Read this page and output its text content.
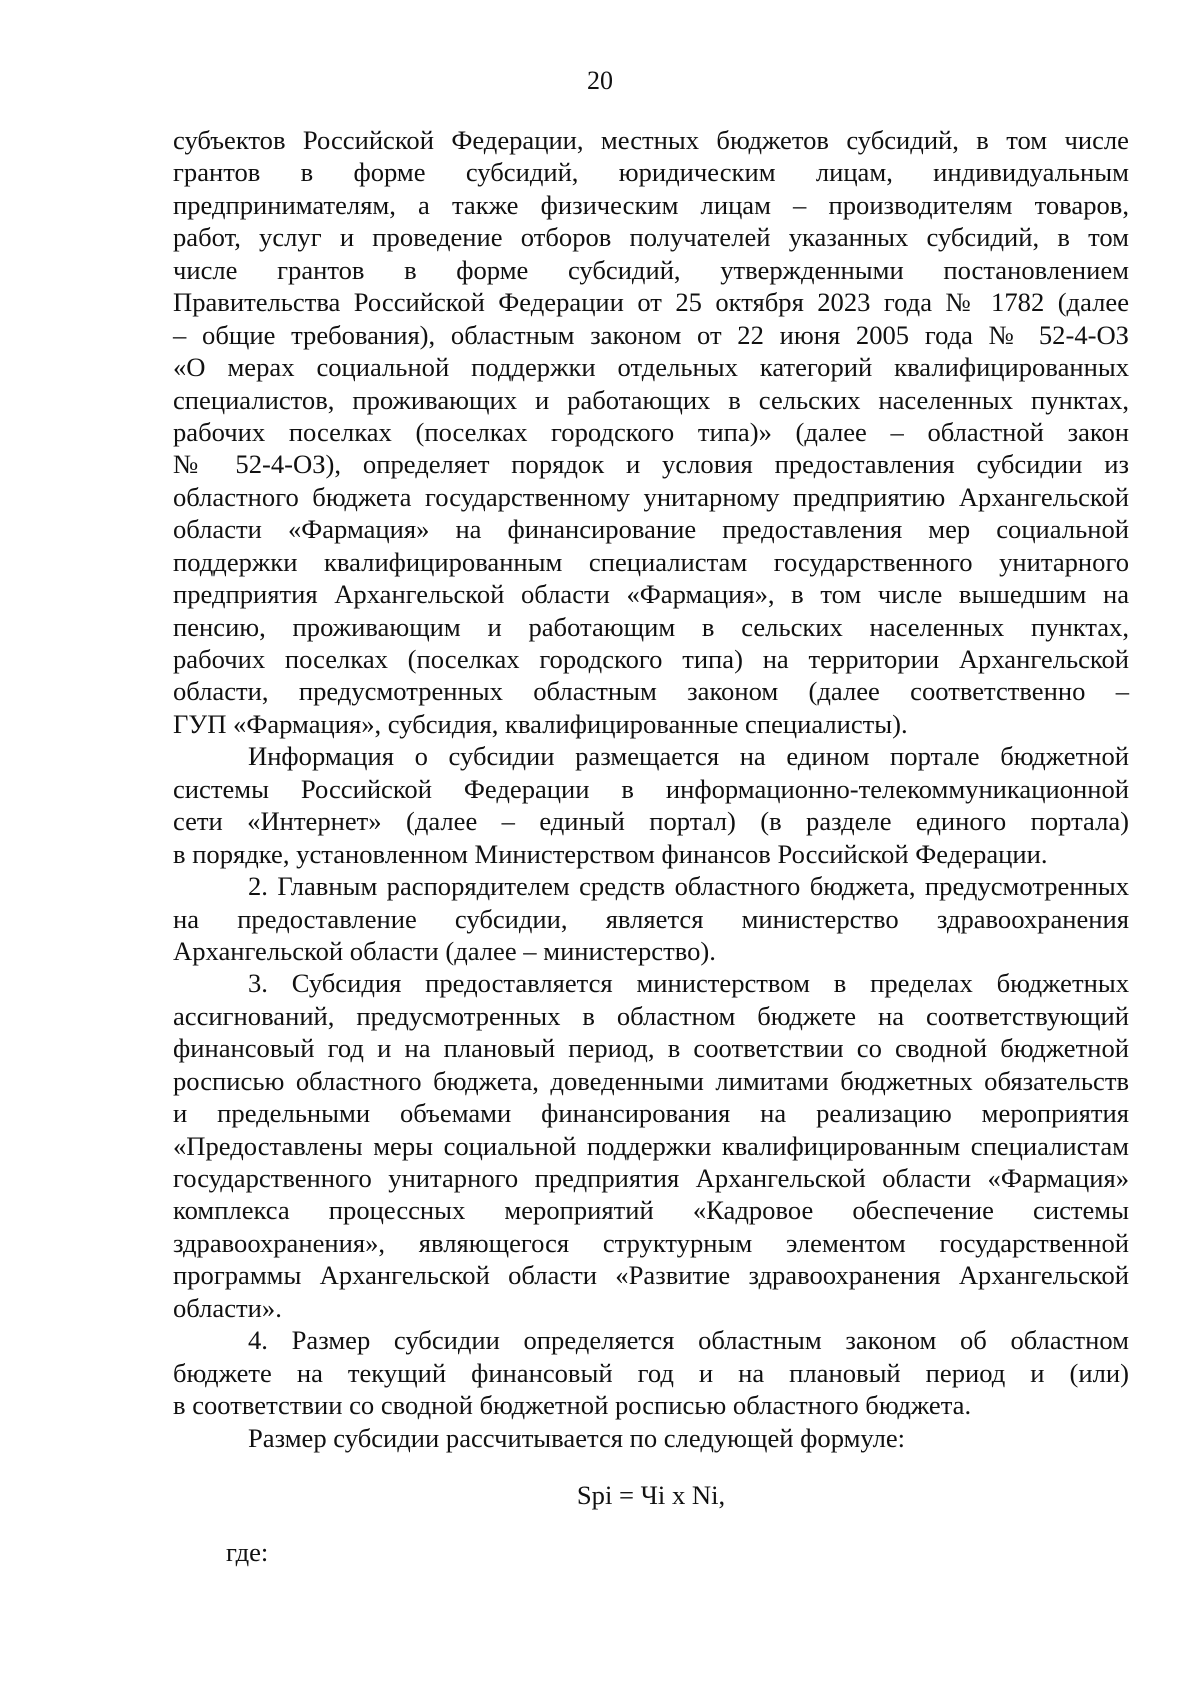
20
субъектов Российской Федерации, местных бюджетов субсидий, в том числе
грантов в форме субсидий, юридическим лицам, индивидуальным
предпринимателям, а также физическим лицам – производителям товаров,
работ, услуг и проведение отборов получателей указанных субсидий, в том
числе грантов в форме субсидий, утвержденными постановлением
Правительства Российской Федерации от 25 октября 2023 года № 1782 (далее
– общие требования), областным законом от 22 июня 2005 года № 52-4-ОЗ
«О мерах социальной поддержки отдельных категорий квалифицированных
специалистов, проживающих и работающих в сельских населенных пунктах,
рабочих поселках (поселках городского типа)» (далее – областной закон
№ 52-4-ОЗ), определяет порядок и условия предоставления субсидии из
областного бюджета государственному унитарному предприятию Архангельской
области «Фармация» на финансирование предоставления мер социальной
поддержки квалифицированным специалистам государственного унитарного
предприятия Архангельской области «Фармация», в том числе вышедшим на
пенсию, проживающим и работающим в сельских населенных пунктах,
рабочих поселках (поселках городского типа) на территории Архангельской
области, предусмотренных областным законом (далее соответственно –
ГУП «Фармация», субсидия, квалифицированные специалисты).
Информация о субсидии размещается на едином портале бюджетной
системы Российской Федерации в информационно-телекоммуникационной
сети «Интернет» (далее – единый портал) (в разделе единого портала)
в порядке, установленном Министерством финансов Российской Федерации.
2. Главным распорядителем средств областного бюджета, предусмотренных
на предоставление субсидии, является министерство здравоохранения
Архангельской области (далее – министерство).
3. Субсидия предоставляется министерством в пределах бюджетных
ассигнований, предусмотренных в областном бюджете на соответствующий
финансовый год и на плановый период, в соответствии со сводной бюджетной
росписью областного бюджета, доведенными лимитами бюджетных обязательств
и предельными объемами финансирования на реализацию мероприятия
«Предоставлены меры социальной поддержки квалифицированным специалистам
государственного унитарного предприятия Архангельской области «Фармация»
комплекса процессных мероприятий «Кадровое обеспечение системы
здравоохранения», являющегося структурным элементом государственной
программы Архангельской области «Развитие здравоохранения Архангельской
области».
4. Размер субсидии определяется областным законом об областном
бюджете на текущий финансовый год и на плановый период и (или)
в соответствии со сводной бюджетной росписью областного бюджета.
Размер субсидии рассчитывается по следующей формуле:
Spi = Чi x Ni,
где:
